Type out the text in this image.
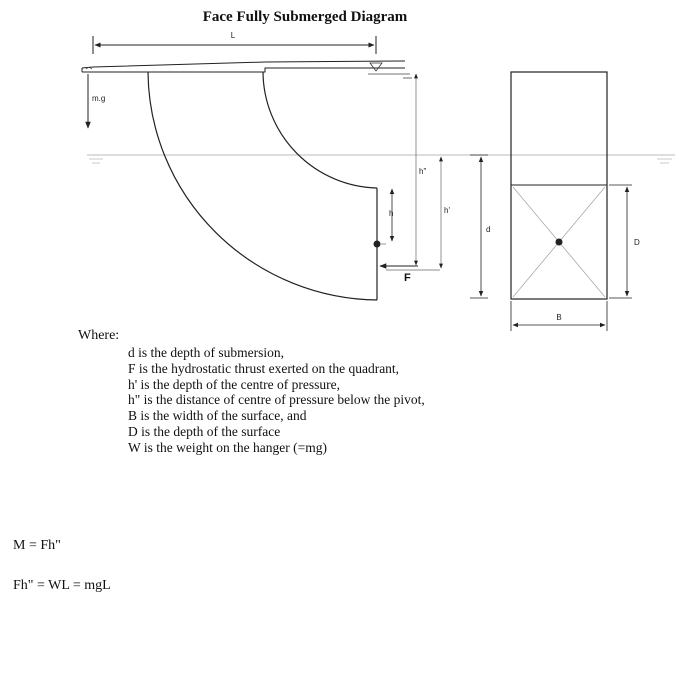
Face Fully Submerged Diagram
L
m.g
h
F
h"
h'
d
D
B
Where:
d is the depth of submersion,
F is the hydrostatic thrust exerted on the quadrant,
h' is the depth of the centre of pressure,
h" is the distance of centre of pressure below the pivot,
B is the width of the surface, and
D is the depth of the surface
W is the weight on the hanger (=mg)
M = Fh"
Fh" = WL = mgL
